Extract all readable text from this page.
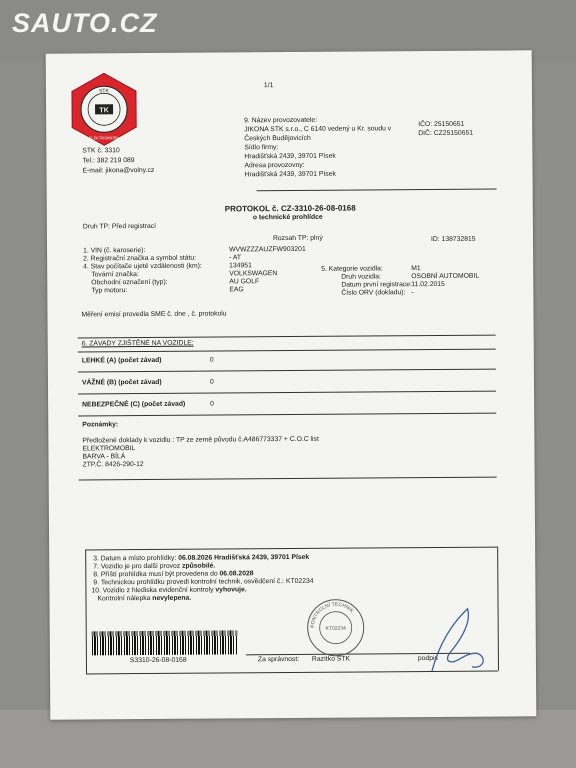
SAUTO.CZ
TK
STK
ELEKTROMOBIL
1/1
STK č. 3310
Tel.: 382 219 089
E-mail: jikona@volny.cz
9. Název provozovatele:
JIKONA STK s.r.o., C 6140 vedený u Kr. soudu v
Českých Budějovicích
Sídlo firmy:
Hradišťská 2439, 39701 Písek
Adresa provozovny:
Hradišťská 2439, 39701 Písek
IČO: 25150651
DIČ: CZ25150651
PROTOKOL č. CZ-3310-26-08-0168
o technické prohlídce
Druh TP: Před registrací
Rozsah TP: plný	ID: 138732815
1. VIN (č. karoserie):	WVWZZZAUZFW903201
2. Registrační značka a symbol státu:	- AT
4. Stav počítače ujeté vzdálenosti (km):	134951
Tovární značka:	VOLKSWAGEN
Obchodní označení (typ):	AU GOLF
Typ motoru:	EAG
5. Kategorie vozidla:	M1
Druh vozidla:	OSOBNÍ AUTOMOBIL
Datum první registrace: 11.02.2015
Číslo ORV (dokladu): -
Měření emisí provedla SME č. dne , č. protokolu
6. ZÁVADY ZJIŠTĚNÉ NA VOZIDLE:
LEHKÉ (A) (počet závad)	0
VÁŽNÉ (B) (počet závad)	0
NEBEZPEČNÉ (C) (počet závad)	0
Poznámky:
Předložené doklady k vozidlu : TP ze země původu č.A486773337 + C.O.C list
ELEKTROMOBIL
BARVA - BÍLÁ
ZTP.Č. 8426-290-12
3. Datum a místo prohlídky: 06.08.2026 Hradišťská 2439, 39701 Písek
7. Vozidlo je pro další provoz způsobilé.
8. Příští prohlídka musí být provedena do 06.08.2028
9. Technickou prohlídku provedl kontrolní technik, osvědčení č.: KT02234
10. Vozidlo z hlediska evidenční kontroly vyhovuje.
Kontrolní nálepka nevylepena.
S3310-26-08-0168	Za správnost: Razítko STK	podpis
KONTROLNÍ TECHNIK
KT02234
